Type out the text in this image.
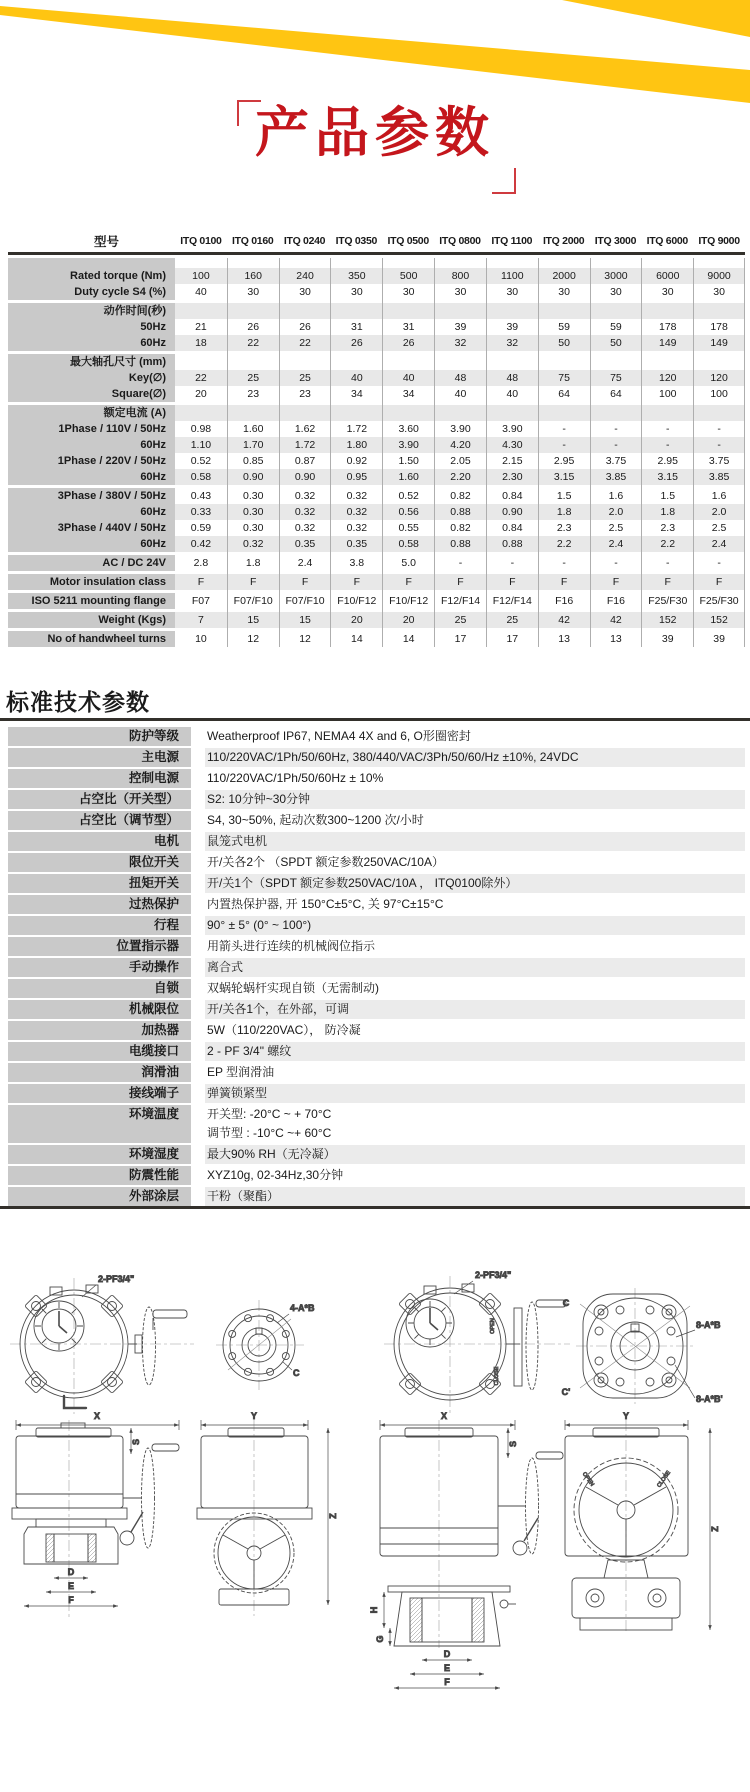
产品参数
型号	ITQ 0100 ITQ 0160 ITQ 0240 ITQ 0350 ITQ 0500 ITQ 0800	ITQ 1100	ITQ 2000 ITQ 3000 ITQ 6000 ITQ 9000
Rated torque (Nm)	100	160	240	350	500	800	1100	2000	3000	6000	9000
Duty cycle S4 (%)	40	30	30	30	30	30	30	30	30	30	30
动作时间(秒)
50Hz	21	26	26	31	31	39	39	59	59	178	178
60Hz	18	22	22	26	26	32	32	50	50	149	149
最大轴孔尺寸 (mm)
Key(∅)	22	25	25	40	40	48	48	75	75	120	120
Square(∅)	20	23	23	34	34	40	40	64	64	100	100
额定电流 (A)
1Phase / 110V / 50Hz	0.98	1.60	1.62	1.72	3.60	3.90	3.90	-	-	-	-
60Hz	1.10	1.70	1.72	1.80	3.90	4.20	4.30	-	-	-	-
1Phase / 220V / 50Hz	0.52	0.85	0.87	0.92	1.50	2.05	2.15	2.95	3.75	2.95	3.75
60Hz	0.58	0.90	0.90	0.95	1.60	2.20	2.30	3.15	3.85	3.15	3.85
3Phase / 380V / 50Hz	0.43	0.30	0.32	0.32	0.52	0.82	0.84	1.5	1.6	1.5	1.6
60Hz	0.33	0.30	0.32	0.32	0.56	0.88	0.90	1.8	2.0	1.8	2.0
3Phase / 440V / 50Hz	0.59	0.30	0.32	0.32	0.55	0.82	0.84	2.3	2.5	2.3	2.5
60Hz	0.42	0.32	0.35	0.35	0.58	0.88	0.88	2.2	2.4	2.2	2.4
AC / DC 24V	2.8	1.8	2.4	3.8	5.0	-	-	-	-	-	-
Motor insulation class	F	F	F	F	F	F	F	F	F	F	F
ISO 5211 mounting flange	F07	F07/F10	F07/F10	F10/F12	F10/F12	F12/F14	F12/F14	F16	F16	F25/F30	F25/F30
Weight (Kgs)	7	15	15	20	20	25	25	42	42	152	152
No of handwheel turns	10	12	12	14	14	17	17	13	13	39	39
标准技术参数
防护等级	Weatherproof IP67, NEMA4 4X and 6, O形圈密封
主电源	110/220VAC/1Ph/50/60Hz, 380/440/VAC/3Ph/50/60/Hz ±10%, 24VDC
控制电源	110/220VAC/1Ph/50/60Hz ± 10%
占空比（开关型）	S2: 10分钟~30分钟
占空比（调节型）	S4, 30~50%, 起动次数300~1200 次/小时
电机	鼠笼式电机
限位开关	开/关各2个 （SPDT 额定参数250VAC/10A）
扭矩开关	开/关1个（SPDT 额定参数250VAC/10A ， ITQ0100除外）
过热保护	内置热保护器, 开 150°C±5°C, 关 97°C±15°C
行程	90° ± 5° (0° ~ 100°)
位置指示器	用箭头进行连续的机械阀位指示
手动操作	离合式
自锁	双蜗轮蜗杆实现自锁（无需制动)
机械限位	开/关各1个，在外部，可调
加热器	5W（110/220VAC）， 防冷凝
电缆接口	2 - PF 3/4" 螺纹
润滑油	EP 型润滑油
接线端子	弹簧锁紧型
环境温度	开关型: -20°C ~ + 70°C
调节型 : -10°C ~+ 60°C
环境湿度	最大90% RH（无冷凝）
防震性能	XYZ10g, 02-34Hz,30分钟
外部涂层	干粉（聚酯）
2-PF3/4"
4-A*B
C
X
S
D
E
F
Y
Z
OPEN
CLOSE
2-PF3/4"
C
C'
8-A*B
8-A*B'
X
S
H
G
D
E
F
Y
Z
OPEN	CLOSE
